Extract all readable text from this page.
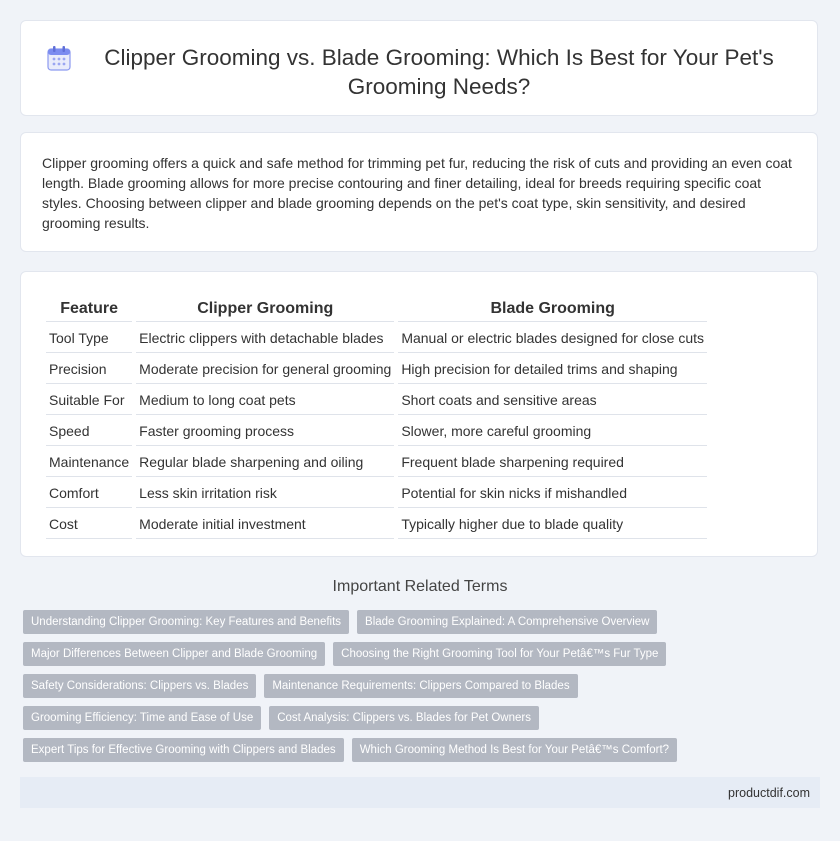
Clipper Grooming vs. Blade Grooming: Which Is Best for Your Pet's Grooming Needs?

Clipper grooming offers a quick and safe method for trimming pet fur, reducing the risk of cuts and providing an even coat length. Blade grooming allows for more precise contouring and finer detailing, ideal for breeds requiring specific coat styles. Choosing between clipper and blade grooming depends on the pet's coat type, skin sensitivity, and desired grooming results.

Feature	Clipper Grooming	Blade Grooming
Tool Type	Electric clippers with detachable blades	Manual or electric blades designed for close cuts
Precision	Moderate precision for general grooming	High precision for detailed trims and shaping
Suitable For	Medium to long coat pets	Short coats and sensitive areas
Speed	Faster grooming process	Slower, more careful grooming
Maintenance	Regular blade sharpening and oiling	Frequent blade sharpening required
Comfort	Less skin irritation risk	Potential for skin nicks if mishandled
Cost	Moderate initial investment	Typically higher due to blade quality
Important Related Terms
Understanding Clipper Grooming: Key Features and Benefits	Blade Grooming Explained: A Comprehensive Overview
Major Differences Between Clipper and Blade Grooming	Choosing the Right Grooming Tool for Your Petâ€™s Fur Type
Safety Considerations: Clippers vs. Blades	Maintenance Requirements: Clippers Compared to Blades
Grooming Efficiency: Time and Ease of Use	Cost Analysis: Clippers vs. Blades for Pet Owners
Expert Tips for Effective Grooming with Clippers and Blades	Which Grooming Method Is Best for Your Petâ€™s Comfort?
productdif.com
